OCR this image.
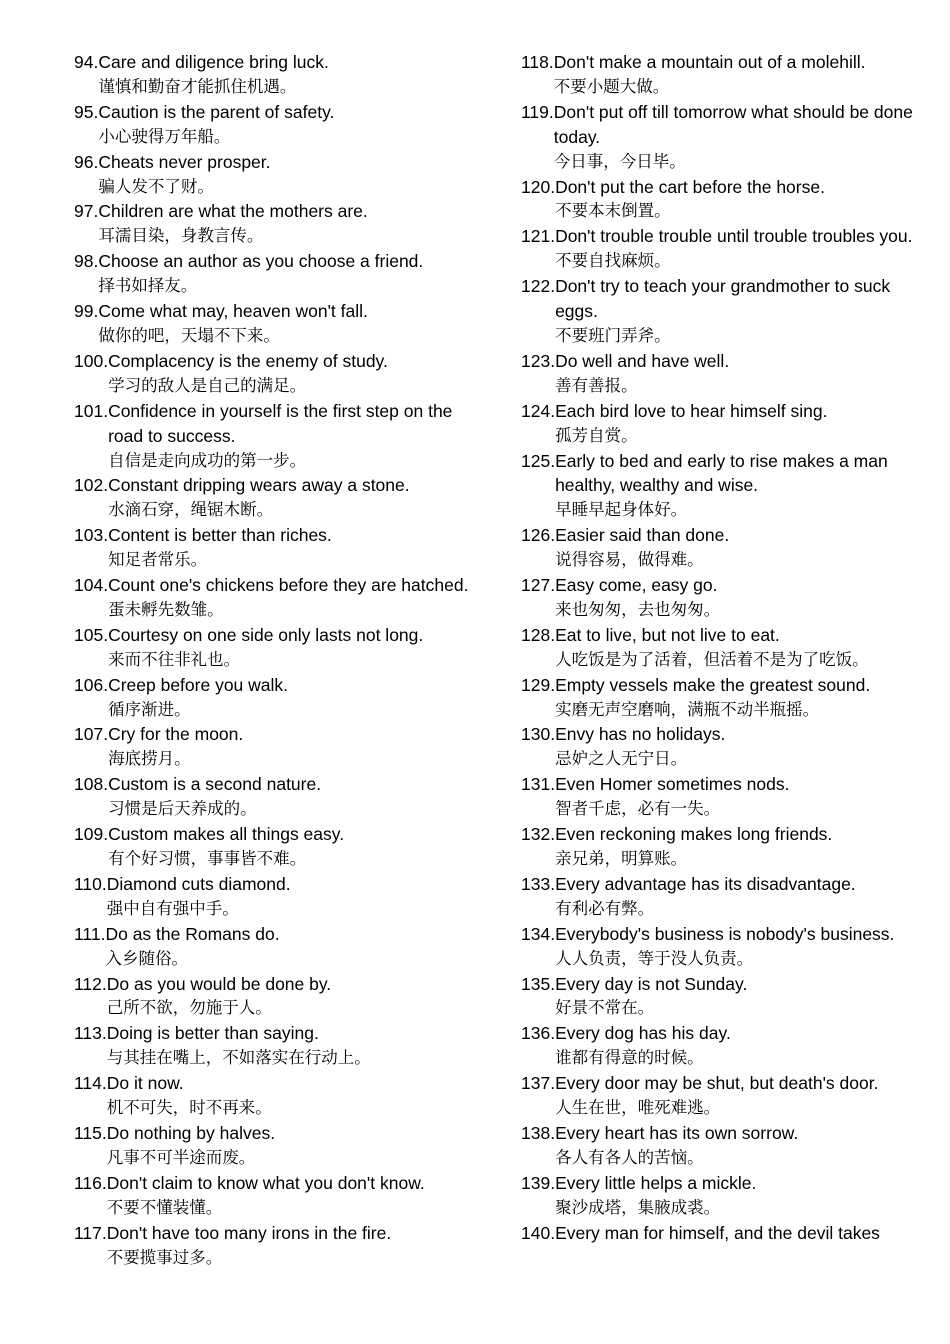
94. Care and diligence bring luck.
谨慎和勤奋才能抓住机遇。
95. Caution is the parent of safety.
小心驶得万年船。
96. Cheats never prosper.
骗人发不了财。
97. Children are what the mothers are.
耳濡目染，身教言传。
98. Choose an author as you choose a friend.
择书如择友。
99. Come what may, heaven won't fall.
做你的吧，天塌不下来。
100. Complacency is the enemy of study.
学习的敌人是自己的满足。
101. Confidence in yourself is the first step on the road to success.
自信是走向成功的第一步。
102. Constant dripping wears away a stone.
水滴石穿，绳锯木断。
103. Content is better than riches.
知足者常乐。
104. Count one's chickens before they are hatched.
蛋未孵先数雏。
105. Courtesy on one side only lasts not long.
来而不往非礼也。
106. Creep before you walk.
循序渐进。
107. Cry for the moon.
海底捞月。
108. Custom is a second nature.
习惯是后天养成的。
109. Custom makes all things easy.
有个好习惯，事事皆不难。
110. Diamond cuts diamond.
强中自有强中手。
111. Do as the Romans do.
入乡随俗。
112. Do as you would be done by.
己所不欲，勿施于人。
113. Doing is better than saying.
与其挂在嘴上，不如落实在行动上。
114. Do it now.
机不可失，时不再来。
115. Do nothing by halves.
凡事不可半途而废。
116. Don't claim to know what you don't know.
不要不懂装懂。
117. Don't have too many irons in the fire.
不要揽事过多。
118. Don't make a mountain out of a molehill.
不要小题大做。
119. Don't put off till tomorrow what should be done today.
今日事，今日毕。
120. Don't put the cart before the horse.
不要本末倒置。
121. Don't trouble trouble until trouble troubles you.
不要自找麻烦。
122. Don't try to teach your grandmother to suck eggs.
不要班门弄斧。
123. Do well and have well.
善有善报。
124. Each bird love to hear himself sing.
孤芳自赏。
125. Early to bed and early to rise makes a man healthy, wealthy and wise.
早睡早起身体好。
126. Easier said than done.
说得容易，做得难。
127. Easy come, easy go.
来也匆匆，去也匆匆。
128. Eat to live, but not live to eat.
人吃饭是为了活着，但活着不是为了吃饭。
129. Empty vessels make the greatest sound.
实磨无声空磨响，满瓶不动半瓶摇。
130. Envy has no holidays.
忌妒之人无宁日。
131. Even Homer sometimes nods.
智者千虑，必有一失。
132. Even reckoning makes long friends.
亲兄弟，明算账。
133. Every advantage has its disadvantage.
有利必有弊。
134. Everybody's business is nobody's business.
人人负责，等于没人负责。
135. Every day is not Sunday.
好景不常在。
136. Every dog has his day.
谁都有得意的时候。
137. Every door may be shut, but death's door.
人生在世，唯死难逃。
138. Every heart has its own sorrow.
各人有各人的苦恼。
139. Every little helps a mickle.
聚沙成塔，集腋成裘。
140. Every man for himself, and the devil takes
